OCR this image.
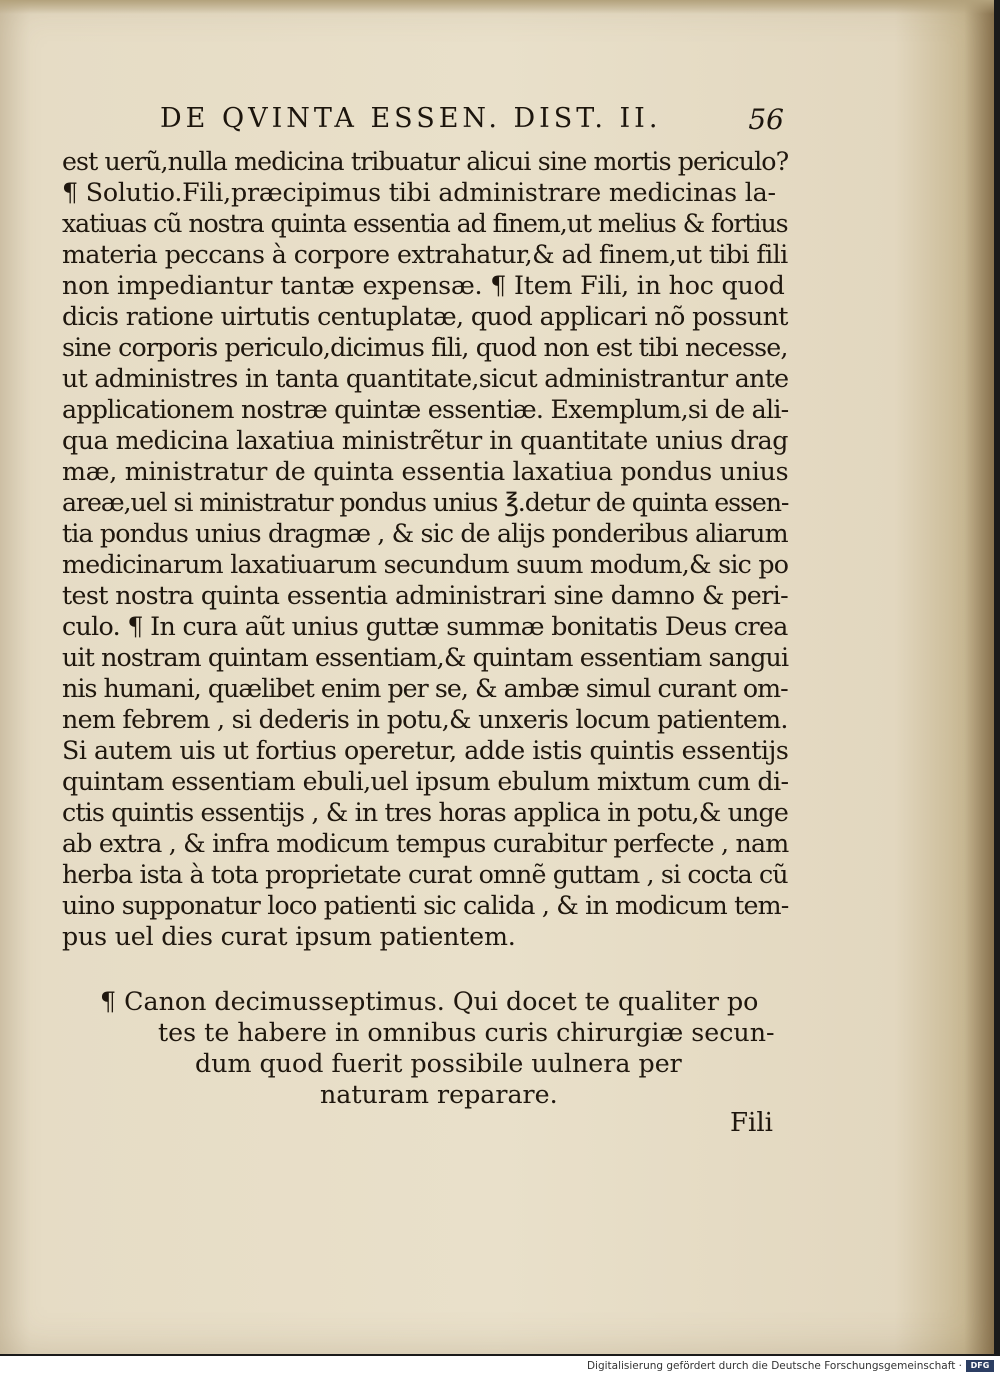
DE QVINTA ESSEN. DIST. II.	56
est uerũ,nulla medicina tribuatur alicui sine mortis periculo?
¶ Solutio.Fili,præcipimus tibi administrare medicinas la-
xatiuas cũ nostra quinta essentia ad finem,ut melius & fortius
materia peccans à corpore extrahatur,& ad finem,ut tibi fili
non impediantur tantæ expensæ. ¶ Item Fili, in hoc quod
dicis ratione uirtutis centuplatæ, quod applicari nõ possunt
sine corporis periculo,dicimus fili, quod non est tibi necesse,
ut administres in tanta quantitate,sicut administrantur ante
applicationem nostræ quintæ essentiæ. Exemplum,si de ali-
qua medicina laxatiua ministrẽtur in quantitate unius drag
mæ, ministratur de quinta essentia laxatiua pondus unius
areæ,uel si ministratur pondus unius ℥.detur de quinta essen-
tia pondus unius dragmæ , & sic de alijs ponderibus aliarum
medicinarum laxatiuarum secundum suum modum,& sic po
test nostra quinta essentia administrari sine damno & peri-
culo. ¶ In cura aũt unius guttæ summæ bonitatis Deus crea
uit nostram quintam essentiam,& quintam essentiam sangui
nis humani, quælibet enim per se, & ambæ simul curant om-
nem febrem , si dederis in potu,& unxeris locum patientem.
Si autem uis ut fortius operetur, adde istis quintis essentijs
quintam essentiam ebuli,uel ipsum ebulum mixtum cum di-
ctis quintis essentijs , & in tres horas applica in potu,& unge
ab extra , & infra modicum tempus curabitur perfecte , nam
herba ista à tota proprietate curat omnẽ guttam , si cocta cũ
uino supponatur loco patienti sic calida , & in modicum tem-
pus uel dies curat ipsum patientem.
¶ Canon decimusseptimus. Qui docet te qualiter po
tes te habere in omnibus curis chirurgiæ secun-
dum quod fuerit possibile uulnera per
naturam reparare.
Fili
Digitalisierung gefördert durch die Deutsche Forschungsgemeinschaft ·	DFG
